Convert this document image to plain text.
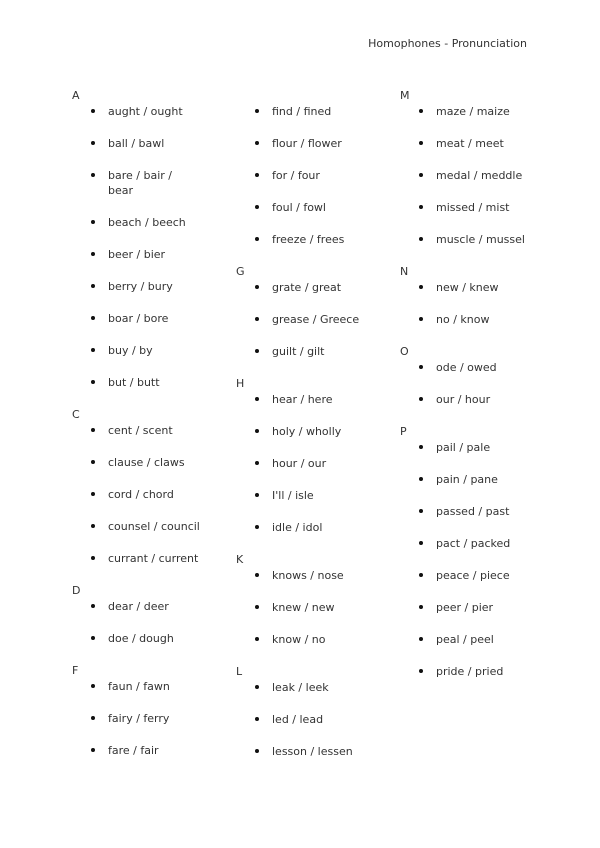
Homophones - Pronunciation
A
aught / ought
ball / bawl
bare / bair / bear
beach / beech
beer / bier
berry / bury
boar / bore
buy / by
but / butt
C
cent / scent
clause / claws
cord / chord
counsel / council
currant / current
D
dear / deer
doe / dough
F
faun / fawn
fairy / ferry
fare / fair
find / fined
flour / flower
for / four
foul / fowl
freeze / frees
G
grate / great
grease / Greece
guilt / gilt
H
hear / here
holy / wholly
hour / our
I'll / isle
idle / idol
K
knows / nose
knew / new
know / no
L
leak / leek
led / lead
lesson / lessen
M
maze / maize
meat / meet
medal / meddle
missed / mist
muscle / mussel
N
new / knew
no / know
O
ode / owed
our / hour
P
pail / pale
pain / pane
passed / past
pact / packed
peace / piece
peer / pier
peal / peel
pride / pried
